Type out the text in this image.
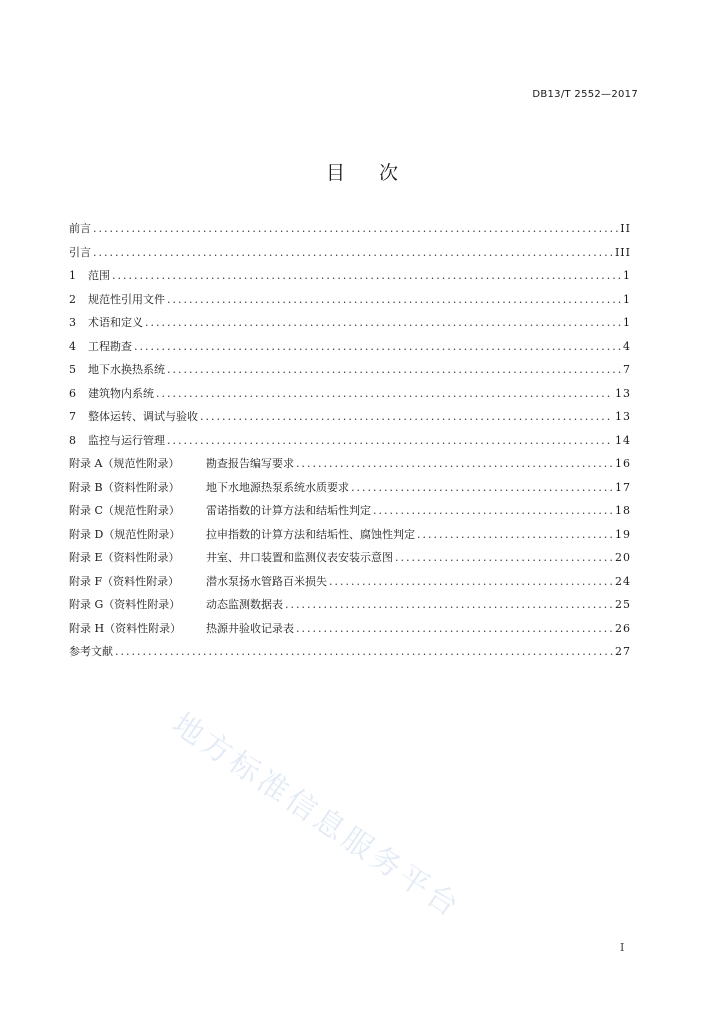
DB13/T 2552—2017
目次
前言 .....	II
引言 .....	III
1	范围 .....	1
2	规范性引用文件 .....	1
3	术语和定义 .....	1
4	工程勘查 .....	4
5	地下水换热系统 .....	7
6	建筑物内系统 .....	13
7	整体运转、调试与验收 .....	13
8	监控与运行管理 .....	14
附录 A（规范性附录）	勘查报告编写要求 .....	16
附录 B（资料性附录）	地下水地源热泵系统水质要求 .....	17
附录 C（规范性附录）	雷诺指数的计算方法和结垢性判定 .....	18
附录 D（规范性附录）	拉申指数的计算方法和结垢性、腐蚀性判定 .....	19
附录 E（资料性附录）	井室、井口装置和监测仪表安装示意图 .....	20
附录 F（资料性附录）	潜水泵扬水管路百米损失 .....	24
附录 G（资料性附录）	动态监测数据表 .....	25
附录 H（资料性附录）	热源井验收记录表 .....	26
参考文献 .....	27
地方标准信息服务平台
I
